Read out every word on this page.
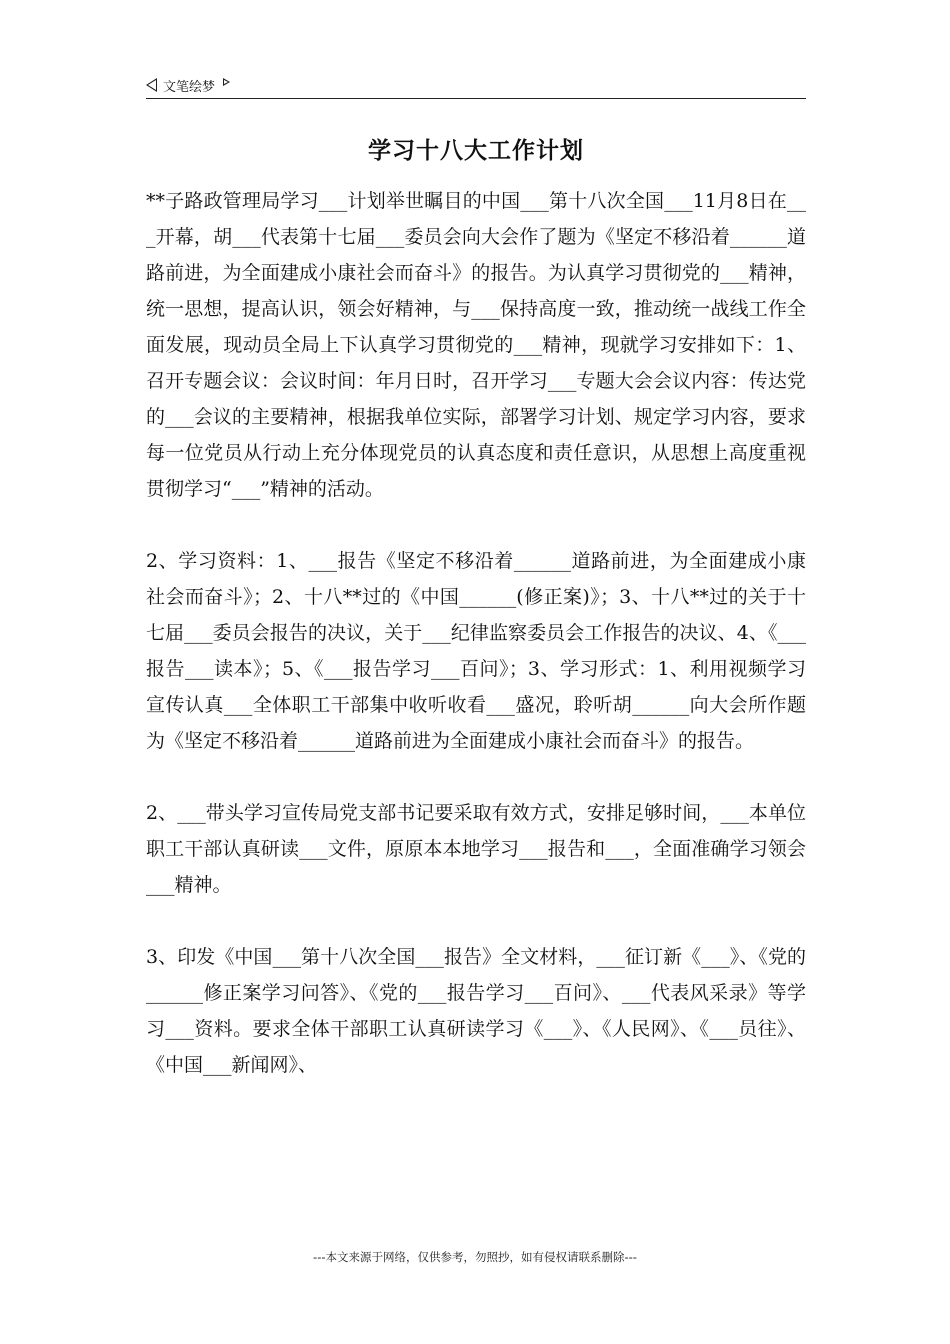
文笔绘梦
学习十八大工作计划

**子路政管理局学习___计划举世瞩目的中国___第十八次全国___11月8日在___开幕，胡___代表第十七届___委员会向大会作了题为《坚定不移沿着______道路前进，为全面建成小康社会而奋斗》的报告。为认真学习贯彻党的___精神，统一思想，提高认识，领会好精神，与___保持高度一致，推动统一战线工作全面发展，现动员全局上下认真学习贯彻党的___精神，现就学习安排如下：1、召开专题会议：会议时间：年月日时，召开学习___专题大会会议内容：传达党的___会议的主要精神，根据我单位实际，部署学习计划、规定学习内容，要求每一位党员从行动上充分体现党员的认真态度和责任意识，从思想上高度重视贯彻学习“___”精神的活动。

2、学习资料：1、___报告《坚定不移沿着______道路前进，为全面建成小康社会而奋斗》；2、十八**过的《中国______(修正案)》；3、十八**过的关于十七届___委员会报告的决议，关于___纪律监察委员会工作报告的决议、4、《___报告___读本》；5、《___报告学习___百问》；3、学习形式：1、利用视频学习宣传认真___全体职工干部集中收听收看___盛况，聆听胡______向大会所作题为《坚定不移沿着______道路前进为全面建成小康社会而奋斗》的报告。

2、___带头学习宣传局党支部书记要采取有效方式，安排足够时间，___本单位职工干部认真研读___文件，原原本本地学习___报告和___，全面准确学习领会___精神。

3、印发《中国___第十八次全国___报告》全文材料，___征订新《___》、《党的______修正案学习问答》、《党的___报告学习___百问》、___代表风采录》等学习___资料。要求全体干部职工认真研读学习《___》、《人民网》、《___员往》、《中国___新闻网》、

---本文来源于网络，仅供参考，勿照抄，如有侵权请联系删除---
